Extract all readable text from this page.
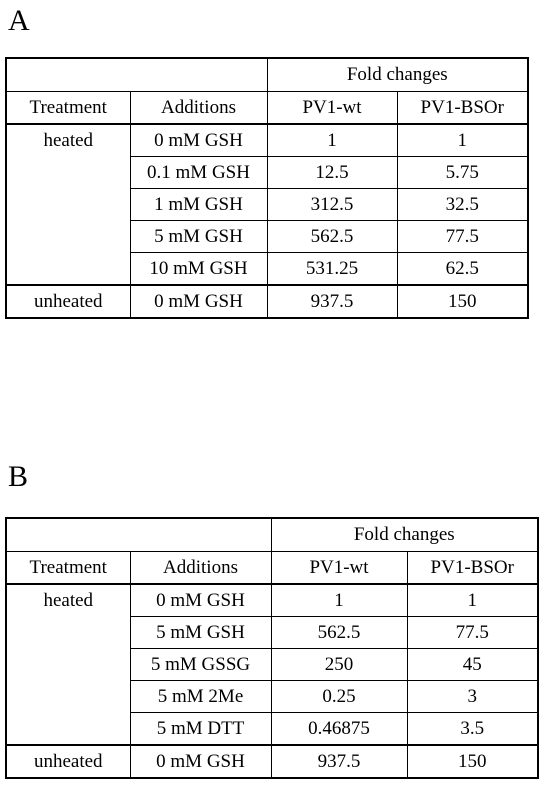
A
		Fold changes	
Treatment	Additions	PV1-wt	PV1-BSOr
heated	0 mM GSH	1	1
	0.1 mM GSH	12.5	5.75
	1 mM GSH	312.5	32.5
	5 mM GSH	562.5	77.5
	10 mM GSH	531.25	62.5
unheated	0 mM GSH	937.5	150
B
		Fold changes	
Treatment	Additions	PV1-wt	PV1-BSOr
heated	0 mM GSH	1	1
	5 mM GSH	562.5	77.5
	5 mM GSSG	250	45
	5 mM 2Me	0.25	3
	5 mM DTT	0.46875	3.5
unheated	0 mM GSH	937.5	150
